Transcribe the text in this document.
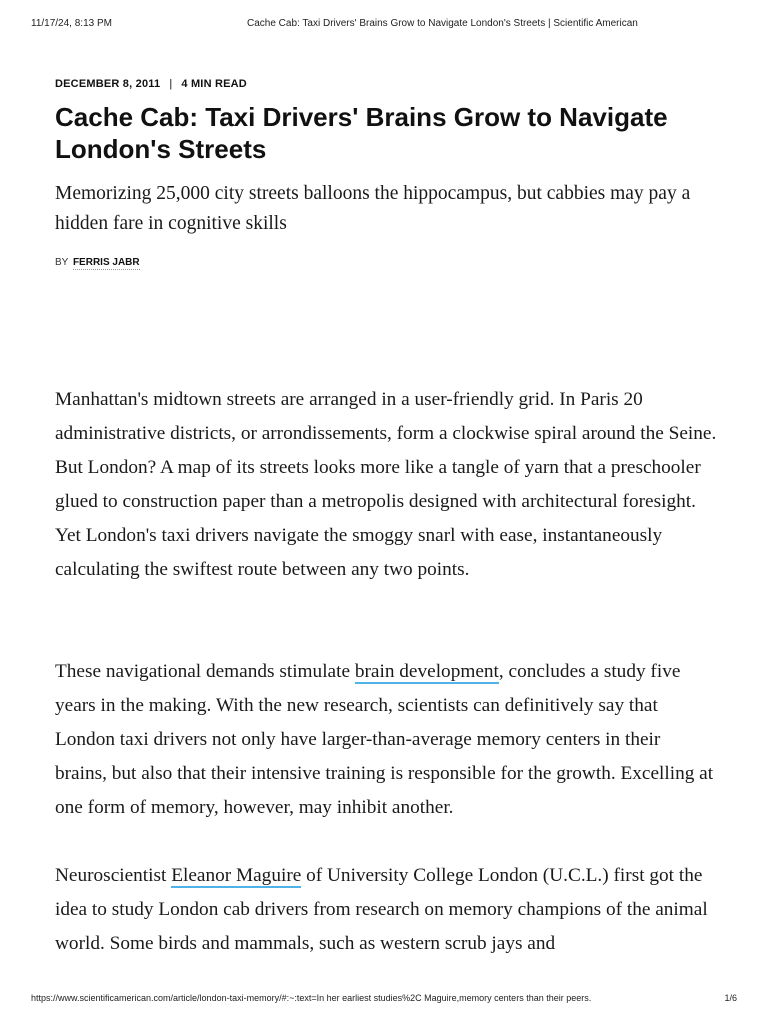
11/17/24, 8:13 PM	Cache Cab: Taxi Drivers' Brains Grow to Navigate London's Streets | Scientific American
DECEMBER 8, 2011 | 4 MIN READ
Cache Cab: Taxi Drivers' Brains Grow to Navigate London's Streets

Memorizing 25,000 city streets balloons the hippocampus, but cabbies may pay a hidden fare in cognitive skills

BY FERRIS JABR

Manhattan's midtown streets are arranged in a user-friendly grid. In Paris 20 administrative districts, or arrondissements, form a clockwise spiral around the Seine. But London? A map of its streets looks more like a tangle of yarn that a preschooler glued to construction paper than a metropolis designed with architectural foresight. Yet London's taxi drivers navigate the smoggy snarl with ease, instantaneously calculating the swiftest route between any two points.

These navigational demands stimulate brain development, concludes a study five years in the making. With the new research, scientists can definitively say that London taxi drivers not only have larger-than-average memory centers in their brains, but also that their intensive training is responsible for the growth. Excelling at one form of memory, however, may inhibit another.

Neuroscientist Eleanor Maguire of University College London (U.C.L.) first got the idea to study London cab drivers from research on memory champions of the animal world. Some birds and mammals, such as western scrub jays and

https://www.scientificamerican.com/article/london-taxi-memory/#:~:text=In her earliest studies%2C Maguire,memory centers than their peers.	1/6
